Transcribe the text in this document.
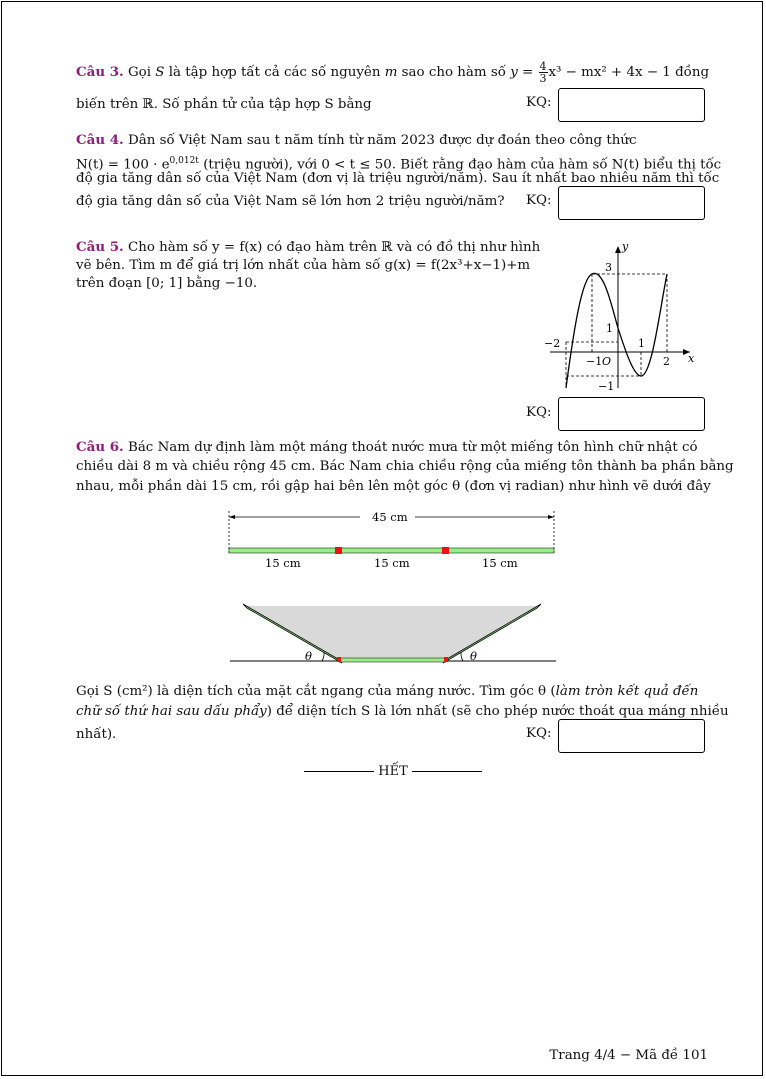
Câu 3. Gọi S là tập hợp tất cả các số nguyên m sao cho hàm số $y = \frac{4}{3} x^3 - mx^2 + 4x - 1$ đồng
biến trên ℝ. Số phần tử của tập hợp S bằng	KQ:
Câu 4. Dân số Việt Nam sau t năm tính từ năm 2023 được dự đoán theo công thức
$N(t) = 100 \cdot e^{0,012t}$ (triệu người), với 0 < t ≤ 50. Biết rằng đạo hàm của hàm số N(t) biểu thị tốc
độ gia tăng dân số của Việt Nam (đơn vị là triệu người/năm). Sau ít nhất bao nhiêu năm thì tốc
độ gia tăng dân số của Việt Nam sẽ lớn hơn 2 triệu người/năm? KQ:
Câu 5. Cho hàm số y = f(x) có đạo hàm trên ℝ và có đồ thị như hình
vẽ bên. Tìm m để giá trị lớn nhất của hàm số g(x) = f(2x³+x−1)+m
trên đoạn [0; 1] bằng −10.
y
x
3
1
−1
−2
−1 O
1
2
KQ:
Câu 6. Bác Nam dự định làm một máng thoát nước mưa từ một miếng tôn hình chữ nhật có
chiều dài 8 m và chiều rộng 45 cm. Bác Nam chia chiều rộng của miếng tôn thành ba phần bằng
nhau, mỗi phần dài 15 cm, rồi gập hai bên lên một góc θ (đơn vị radian) như hình vẽ dưới đây
45 cm
15 cm	15 cm	15 cm
θ	θ
Gọi S (cm²) là diện tích của mặt cắt ngang của máng nước. Tìm góc θ (làm tròn kết quả đến
chữ số thứ hai sau dấu phẩy) để diện tích S là lớn nhất (sẽ cho phép nước thoát qua máng nhiều
nhất).	KQ:
HẾT
Trang 4/4 − Mã đề 101
